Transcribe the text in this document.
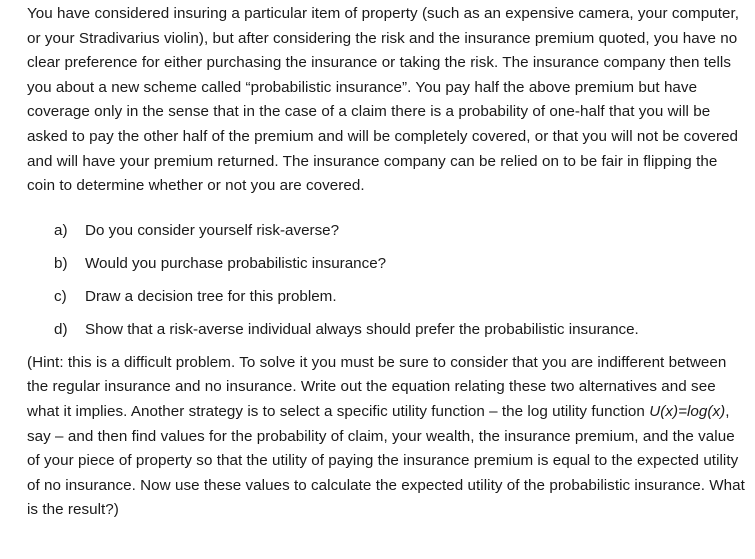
You have considered insuring a particular item of property (such as an expensive camera, your computer, or your Stradivarius violin), but after considering the risk and the insurance premium quoted, you have no clear preference for either purchasing the insurance or taking the risk. The insurance company then tells you about a new scheme called “probabilistic insurance”. You pay half the above premium but have coverage only in the sense that in the case of a claim there is a probability of one-half that you will be asked to pay the other half of the premium and will be completely covered, or that you will not be covered and will have your premium returned. The insurance company can be relied on to be fair in flipping the coin to determine whether or not you are covered.

a)	Do you consider yourself risk-averse?
b)	Would you purchase probabilistic insurance?
c)	Draw a decision tree for this problem.
d)	Show that a risk-averse individual always should prefer the probabilistic insurance.

(Hint: this is a difficult problem. To solve it you must be sure to consider that you are indifferent between the regular insurance and no insurance. Write out the equation relating these two alternatives and see what it implies. Another strategy is to select a specific utility function – the log utility function U(x)=log(x), say – and then find values for the probability of claim, your wealth, the insurance premium, and the value of your piece of property so that the utility of paying the insurance premium is equal to the expected utility of no insurance. Now use these values to calculate the expected utility of the probabilistic insurance. What is the result?)
